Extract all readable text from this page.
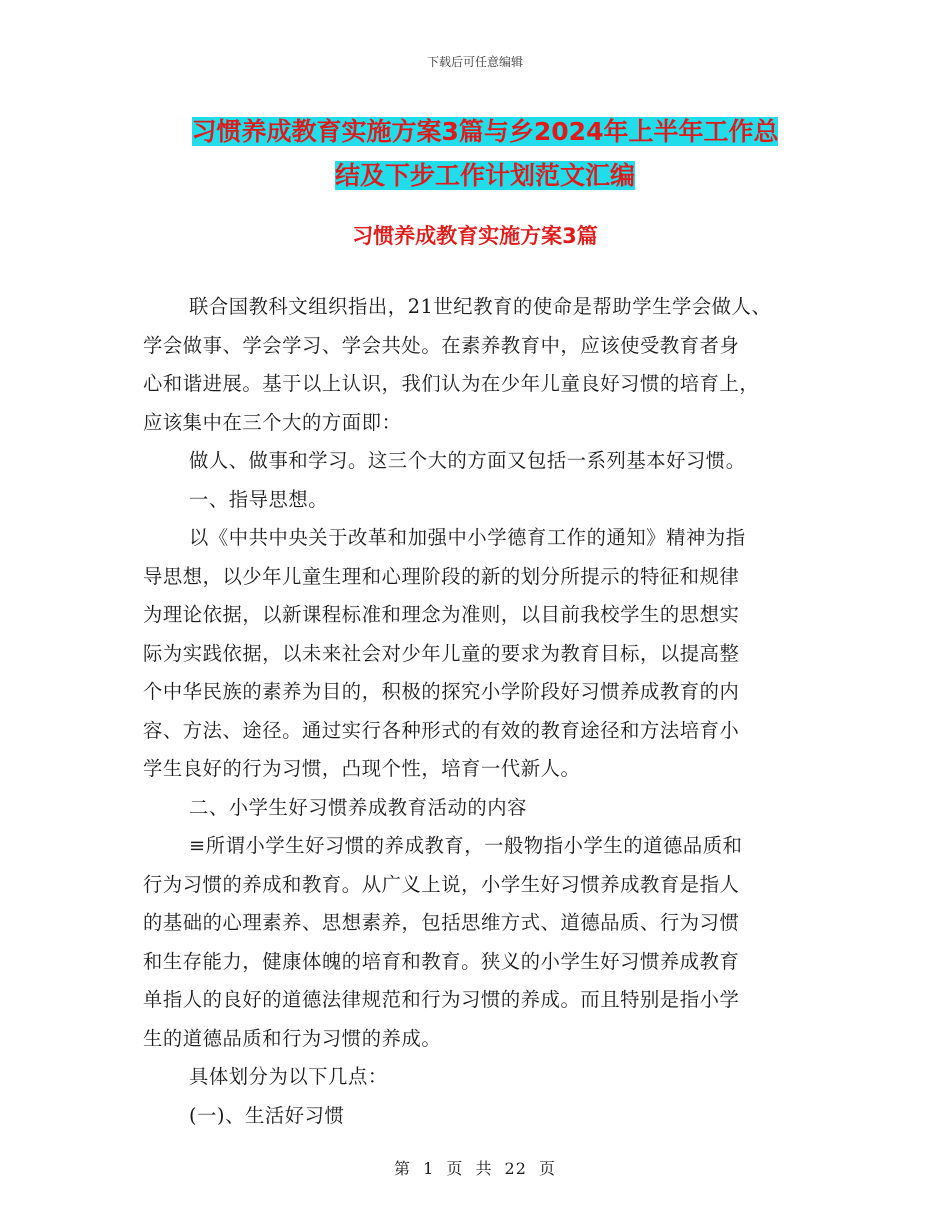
下载后可任意编辑
习惯养成教育实施方案3篇与乡2024年上半年工作总
结及下步工作计划范文汇编
习惯养成教育实施方案3篇
联合国教科文组织指出，21世纪教育的使命是帮助学生学会做人、
学会做事、学会学习、学会共处。在素养教育中，应该使受教育者身
心和谐进展。基于以上认识，我们认为在少年儿童良好习惯的培育上，
应该集中在三个大的方面即：
做人、做事和学习。这三个大的方面又包括一系列基本好习惯。
一、指导思想。
以《中共中央关于改革和加强中小学德育工作的通知》精神为指
导思想，以少年儿童生理和心理阶段的新的划分所提示的特征和规律
为理论依据，以新课程标准和理念为准则，以目前我校学生的思想实
际为实践依据，以未来社会对少年儿童的要求为教育目标，以提高整
个中华民族的素养为目的，积极的探究小学阶段好习惯养成教育的内
容、方法、途径。通过实行各种形式的有效的教育途径和方法培育小
学生良好的行为习惯，凸现个性，培育一代新人。
二、小学生好习惯养成教育活动的内容
≡所谓小学生好习惯的养成教育，一般物指小学生的道德品质和
行为习惯的养成和教育。从广义上说，小学生好习惯养成教育是指人
的基础的心理素养、思想素养，包括思维方式、道德品质、行为习惯
和生存能力，健康体魄的培育和教育。狭义的小学生好习惯养成教育
单指人的良好的道德法律规范和行为习惯的养成。而且特别是指小学
生的道德品质和行为习惯的养成。
具体划分为以下几点：
(一)、生活好习惯
第 1 页 共 22 页
